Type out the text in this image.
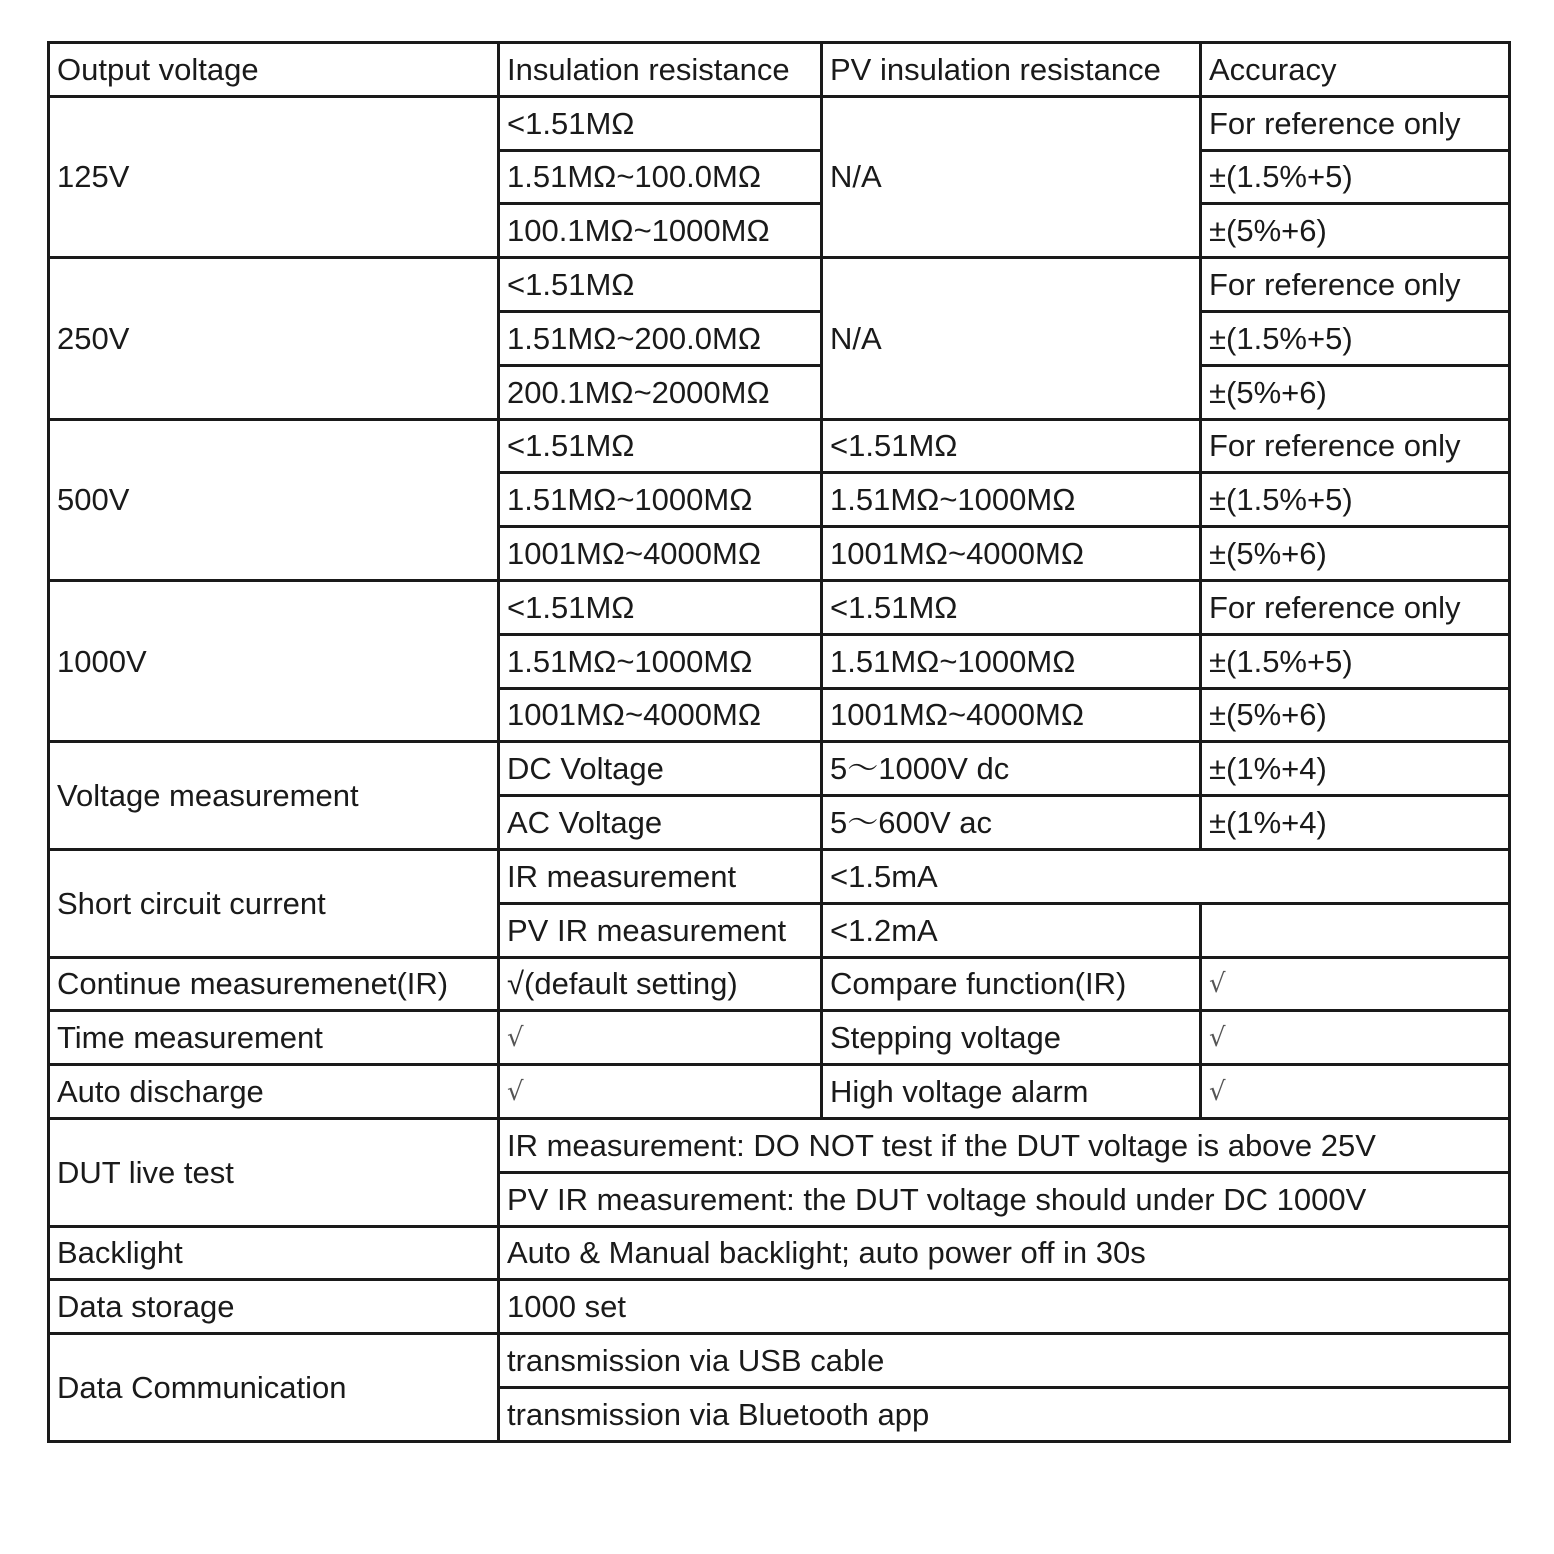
Output voltage	Insulation resistance	PV insulation resistance	Accuracy
125V	<1.51MΩ	N/A	For reference only
	1.51MΩ~100.0MΩ		±(1.5%+5)
	100.1MΩ~1000MΩ		±(5%+6)
250V	<1.51MΩ	N/A	For reference only
	1.51MΩ~200.0MΩ		±(1.5%+5)
	200.1MΩ~2000MΩ		±(5%+6)
500V	<1.51MΩ	<1.51MΩ	For reference only
	1.51MΩ~1000MΩ	1.51MΩ~1000MΩ	±(1.5%+5)
	1001MΩ~4000MΩ	1001MΩ~4000MΩ	±(5%+6)
1000V	<1.51MΩ	<1.51MΩ	For reference only
	1.51MΩ~1000MΩ	1.51MΩ~1000MΩ	±(1.5%+5)
	1001MΩ~4000MΩ	1001MΩ~4000MΩ	±(5%+6)
Voltage measurement	DC Voltage	5～1000V dc	±(1%+4)
	AC Voltage	5～600V ac	±(1%+4)
Short circuit current	IR measurement	<1.5mA	
	PV IR measurement	<1.2mA	
Continue measuremenet(IR)	√(default setting)	Compare function(IR)	√
Time measurement	√	Stepping voltage	√
Auto discharge	√	High voltage alarm	√
DUT live test	IR measurement: DO NOT test if the DUT voltage is above 25V		
	PV IR measurement: the DUT voltage should under DC 1000V		
Backlight	Auto & Manual backlight; auto power off in 30s		
Data storage	1000 set		
Data Communication	transmission via USB cable		
	transmission via Bluetooth app		
